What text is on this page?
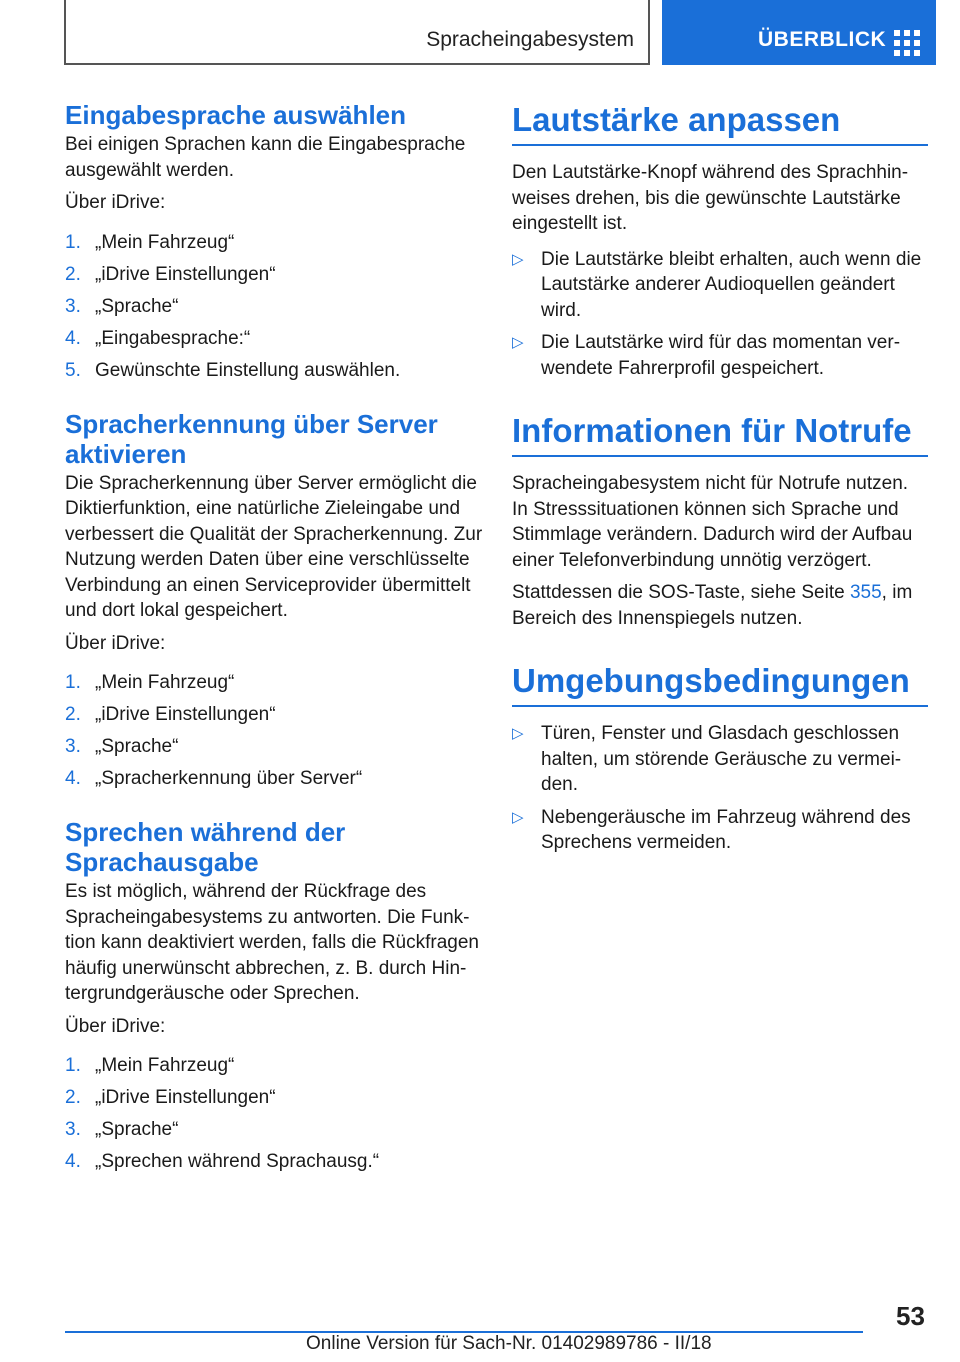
Spracheingabesystem	ÜBERBLICK
Eingabesprache auswählen

Bei einigen Sprachen kann die Eingabesprache ausgewählt werden.

Über iDrive:

1. „Mein Fahrzeug“
2. „iDrive Einstellungen“
3. „Sprache“
4. „Eingabesprache:“
5. Gewünschte Einstellung auswählen.
Spracherkennung über Server aktivieren

Die Spracherkennung über Server ermöglicht die Diktierfunktion, eine natürliche Zieleingabe und verbessert die Qualität der Spracherkennung. Zur Nutzung werden Daten über eine verschlüsselte Verbindung an einen Serviceprovider übermittelt und dort lokal gespeichert.

Über iDrive:

1. „Mein Fahrzeug“
2. „iDrive Einstellungen“
3. „Sprache“
4. „Spracherkennung über Server“
Sprechen während der Sprachausgabe

Es ist möglich, während der Rückfrage des Spracheingabesystems zu antworten. Die Funktion kann deaktiviert werden, falls die Rückfragen häufig unerwünscht abbrechen, z. B. durch Hintergrundgeräusche oder Sprechen.

Über iDrive:

1. „Mein Fahrzeug“
2. „iDrive Einstellungen“
3. „Sprache“
4. „Sprechen während Sprachausg.“
Lautstärke anpassen

Den Lautstärke-Knopf während des Sprachhinweises drehen, bis die gewünschte Lautstärke eingestellt ist.

▷ Die Lautstärke bleibt erhalten, auch wenn die Lautstärke anderer Audioquellen geändert wird.
▷ Die Lautstärke wird für das momentan verwendete Fahrerprofil gespeichert.
Informationen für Notrufe

Spracheingabesystem nicht für Notrufe nutzen. In Stresssituationen können sich Sprache und Stimmlage verändern. Dadurch wird der Aufbau einer Telefonverbindung unnötig verzögert.

Stattdessen die SOS-Taste, siehe Seite 355, im Bereich des Innenspiegels nutzen.

Umgebungsbedingungen
▷ Türen, Fenster und Glasdach geschlossen halten, um störende Geräusche zu vermeiden.
▷ Nebengeräusche im Fahrzeug während des Sprechens vermeiden.
53
Online Version für Sach-Nr. 01402989786 - II/18
